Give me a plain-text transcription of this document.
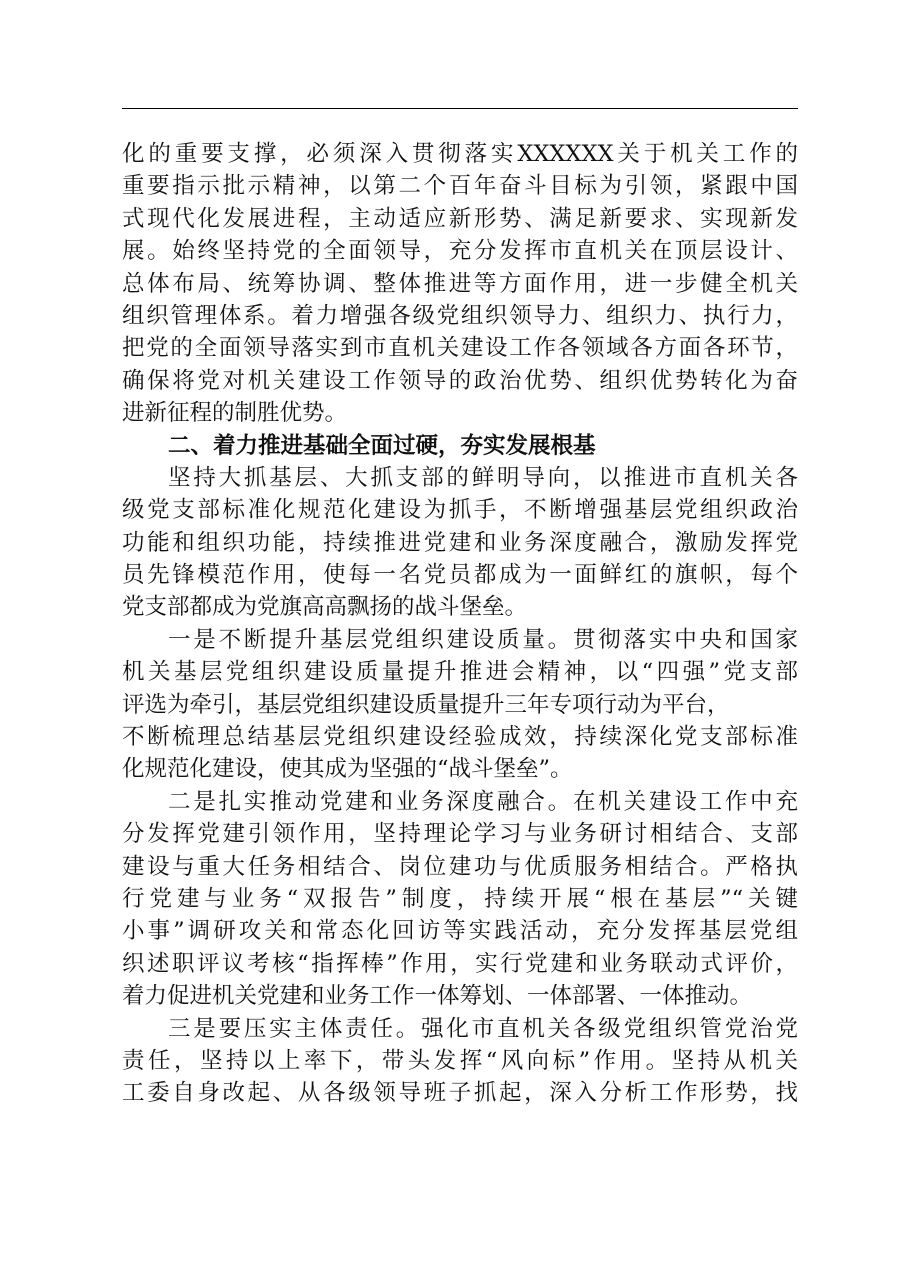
化的重要支撑，必须深入贯彻落实XXXXXX关于机关工作的
重要指示批示精神，以第二个百年奋斗目标为引领，紧跟中国
式现代化发展进程，主动适应新形势、满足新要求、实现新发
展。始终坚持党的全面领导，充分发挥市直机关在顶层设计、
总体布局、统筹协调、整体推进等方面作用，进一步健全机关
组织管理体系。着力增强各级党组织领导力、组织力、执行力，
把党的全面领导落实到市直机关建设工作各领域各方面各环节，
确保将党对机关建设工作领导的政治优势、组织优势转化为奋
进新征程的制胜优势。
二、着力推进基础全面过硬，夯实发展根基
坚持大抓基层、大抓支部的鲜明导向，以推进市直机关各
级党支部标准化规范化建设为抓手，不断增强基层党组织政治
功能和组织功能，持续推进党建和业务深度融合，激励发挥党
员先锋模范作用，使每一名党员都成为一面鲜红的旗帜，每个
党支部都成为党旗高高飘扬的战斗堡垒。
一是不断提升基层党组织建设质量。贯彻落实中央和国家
机关基层党组织建设质量提升推进会精神，以“四强”党支部
评选为牵引，基层党组织建设质量提升三年专项行动为平台，
不断梳理总结基层党组织建设经验成效，持续深化党支部标准
化规范化建设，使其成为坚强的“战斗堡垒”。
二是扎实推动党建和业务深度融合。在机关建设工作中充
分发挥党建引领作用，坚持理论学习与业务研讨相结合、支部
建设与重大任务相结合、岗位建功与优质服务相结合。严格执
行党建与业务“双报告”制度，持续开展“根在基层”“关键
小事”调研攻关和常态化回访等实践活动，充分发挥基层党组
织述职评议考核“指挥棒”作用，实行党建和业务联动式评价，
着力促进机关党建和业务工作一体筹划、一体部署、一体推动。
三是要压实主体责任。强化市直机关各级党组织管党治党
责任，坚持以上率下，带头发挥“风向标”作用。坚持从机关
工委自身改起、从各级领导班子抓起，深入分析工作形势，找
